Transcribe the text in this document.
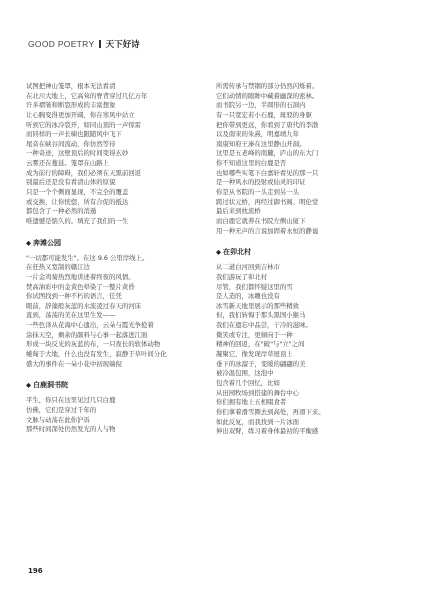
GOOD POETRY 天下好诗
试图把神山笼罩，根本无法看清
在北川大地上，它高耸的脊背穿过几亿万年
许多褶皱和断裂形成的丰富想象
让心胸变得更加开阔，你在寒风中站立
听到它的冰冷裂开，如同山顶的一声惊雷
而同样的一声长啸也跟随风中飞下
尾音在峡谷间流动，你仿然等待
一种奇迹，这壁顶后的时间变得玄妙
云雾还在蔓延。笼罩在山路上
成为前行的障碍，我们必须在天黑前回返
别最后还是没有看清山体的原貌
只是一个个侧面显现，不完全的覆盖
或交换，让你恍惚，所有合促的抵达
都包含了一种必然的消遁
唯遗憾是惦久的。填充了我们的一生
◆ 奔滩公园
"一切都可能发生"。在这 9.6 公里岸线上。
在狂热又宽制的赣江边
一片金鸡菊热烈地讲述着终夜的风情。
焚高油彩中的金黄色晕染了一整片黄昏
你试图找到一种不朽的语言，任凭
眼前，辞藻般灰蓝的水流凌过春天的河床
直到，荡荡的美在这里生发——
一些色泽从花海中心遗出，云朵与霞光争抢着
涂抹天空，剩余的颜料与心事一起落进江面
形成一块反光的灰蓝的布，一只夜长的软体动物
蜷匐于大地，什么也没有发生，寂静于草叶间分化
盛大的事件在一朵小花中初现端倪
◆ 白鹿洞书院
平生，你只在这里见过几只白鹿
仿佛，它们是穿过千年的
文脉与动荡在此你沪诉
那些时间深处仍然发光的人与物
所需传承与禁锢的部分仍然闪烁着。
它们动情的眼眸中藏着幽深的密林。
而书院另一边，半圆形的石洞内
有一只宽宏若小石鹿，斑驳的身躯
把你带到更远，你看到了唐代的李渤
以及南宋的朱熹，明嘉靖九年
南康知府王溱在这里静山开洞。
这里是五老峰的南麓，庐山的东大门
你不知道这里的白鹿是否
也如哪些实笔下白嘉轩看见的那一只
是一种风水的投射或仙灵的印证
你是从书院的一头走到另一头
跨过状元桥，再经过御书阁、明伦堂
最后来到枕流桥
而白鹿它就养在书院左侧山厦下
用一种无声的言说加固着永恒的静谧
◆ 在卯北村
从二道白河回到吉林市
我们游玩了卯北村
尽管，我们都怀疑这里的雪
是人造的，冰雕也没有
冰雪新天地里展示的那些精致
但，我们转悔于那头黑国小猴马
我们在遗忘中品尝，干冷的滋味。
微笑或专注，更倾向于一种
精神的回返，在"破"与"立"之间
凝聚它，像发现岸草屋顶上
垂下的冰溜子，变暖的翩翩的美
被冷温包围，这泡中
包含着几个回忆，比如
从田园牧场到搭建的舞台中心
你们拥有地上五相啜食者
你们拿着滑雪圈去到高处，再滑下来。
如此反复，而我找到一片冰面
伸出双臂，练习着身体最初的平衡感
196
